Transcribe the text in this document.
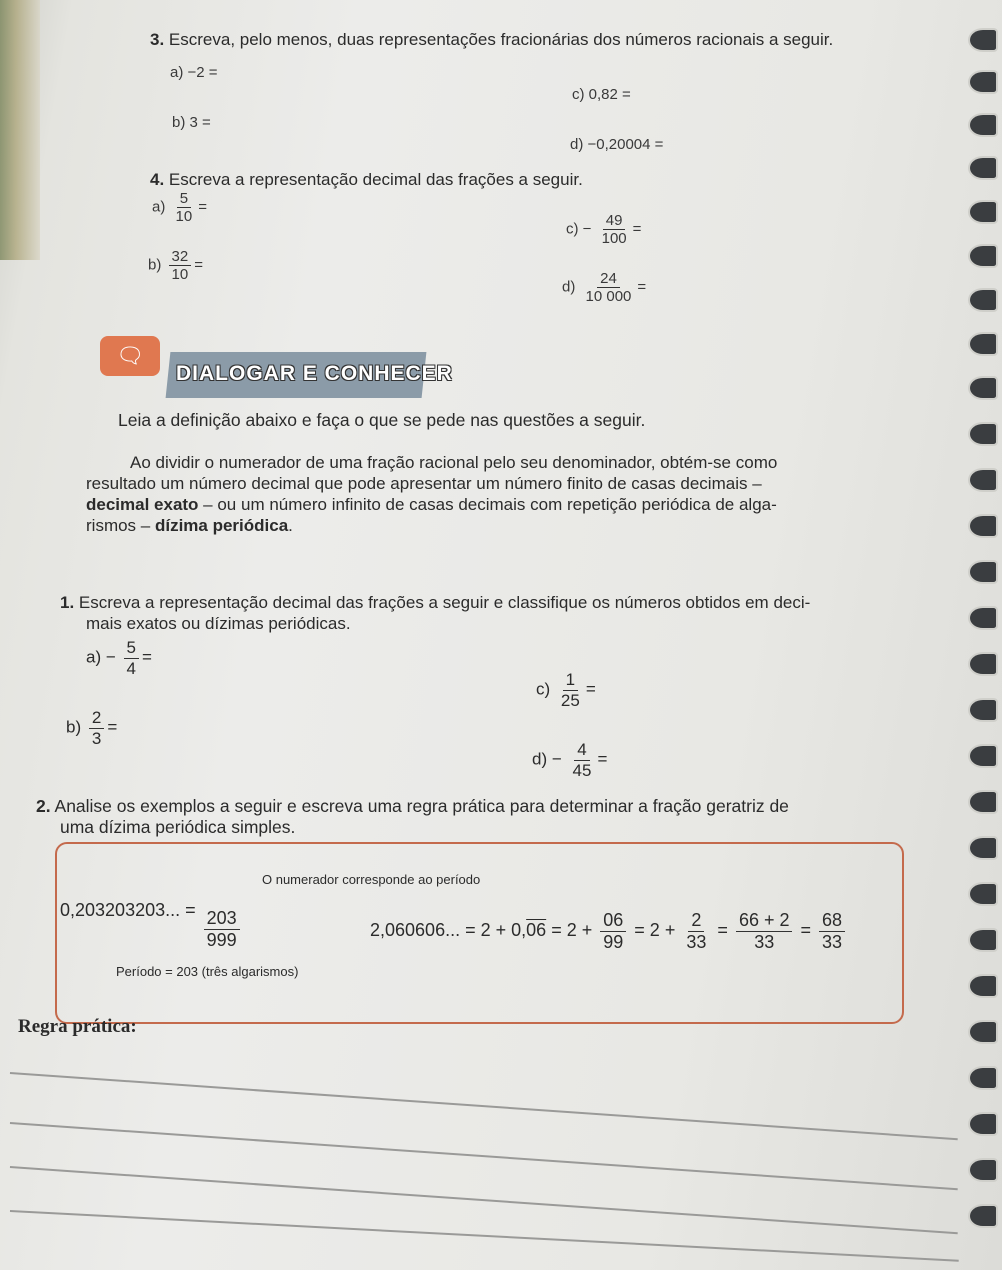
3. Escreva, pelo menos, duas representações fracionárias dos números racionais a seguir.
a) −2 =
b) 3 =
c) 0,82 =
d) −0,20004 =
4. Escreva a representação decimal das frações a seguir.
$a) \frac{5}{10}$ =
$b) \frac{32}{10}$ =
$c) - \frac{49}{100}$ =
$d) \frac{24}{10 000}$ =
🗨
DIALOGAR E CONHECER
Leia a definição abaixo e faça o que se pede nas questões a seguir.
Ao dividir o numerador de uma fração racional pelo seu denominador, obtém-se como
resultado um número decimal que pode apresentar um número finito de casas decimais –
decimal exato – ou um número infinito de casas decimais com repetição periódica de alga-
rismos – dízima periódica.
1. Escreva a representação decimal das frações a seguir e classifique os números obtidos em deci-
mais exatos ou dízimas periódicas.
$a) - \frac{5}{4}$ =
$b) \frac{2}{3}$ =
$c) \frac{1}{25}$ =
$d) - \frac{4}{45}$ =
2. Analise os exemplos a seguir e escreva uma regra prática para determinar a fração geratriz de
uma dízima periódica simples.
O numerador corresponde ao período
0,203203203... = $\frac{203}{999}$
Período = 203 (três algarismos)
2,060606... = $2 + 0,06 = 2 + \frac{06}{99} = 2 + \frac{2}{33} = \frac{66 + 2}{33} = \frac{68}{33}$
Regra prática:
